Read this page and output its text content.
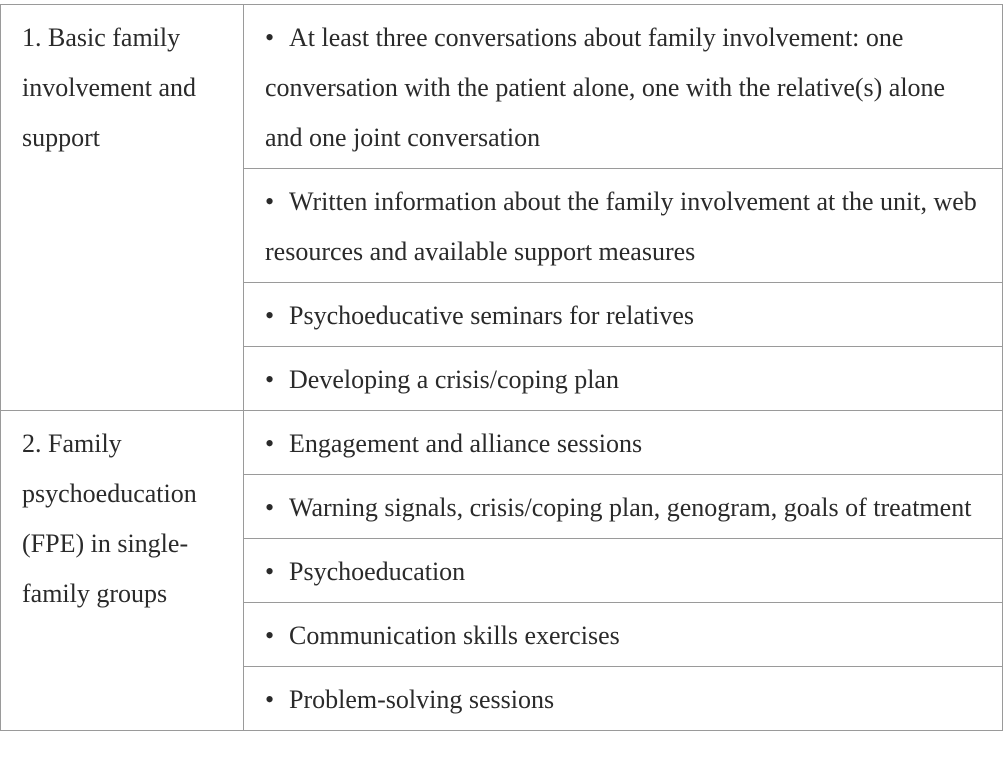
1. Basic family involvement and support	• At least three conversations about family involvement: one conversation with the patient alone, one with the relative(s) alone and one joint conversation
	• Written information about the family involvement at the unit, web resources and available support measures
	• Psychoeducative seminars for relatives
	• Developing a crisis/coping plan
2. Family psychoeducation (FPE) in single-family groups	• Engagement and alliance sessions
	• Warning signals, crisis/coping plan, genogram, goals of treatment
	• Psychoeducation
	• Communication skills exercises
	• Problem-solving sessions
